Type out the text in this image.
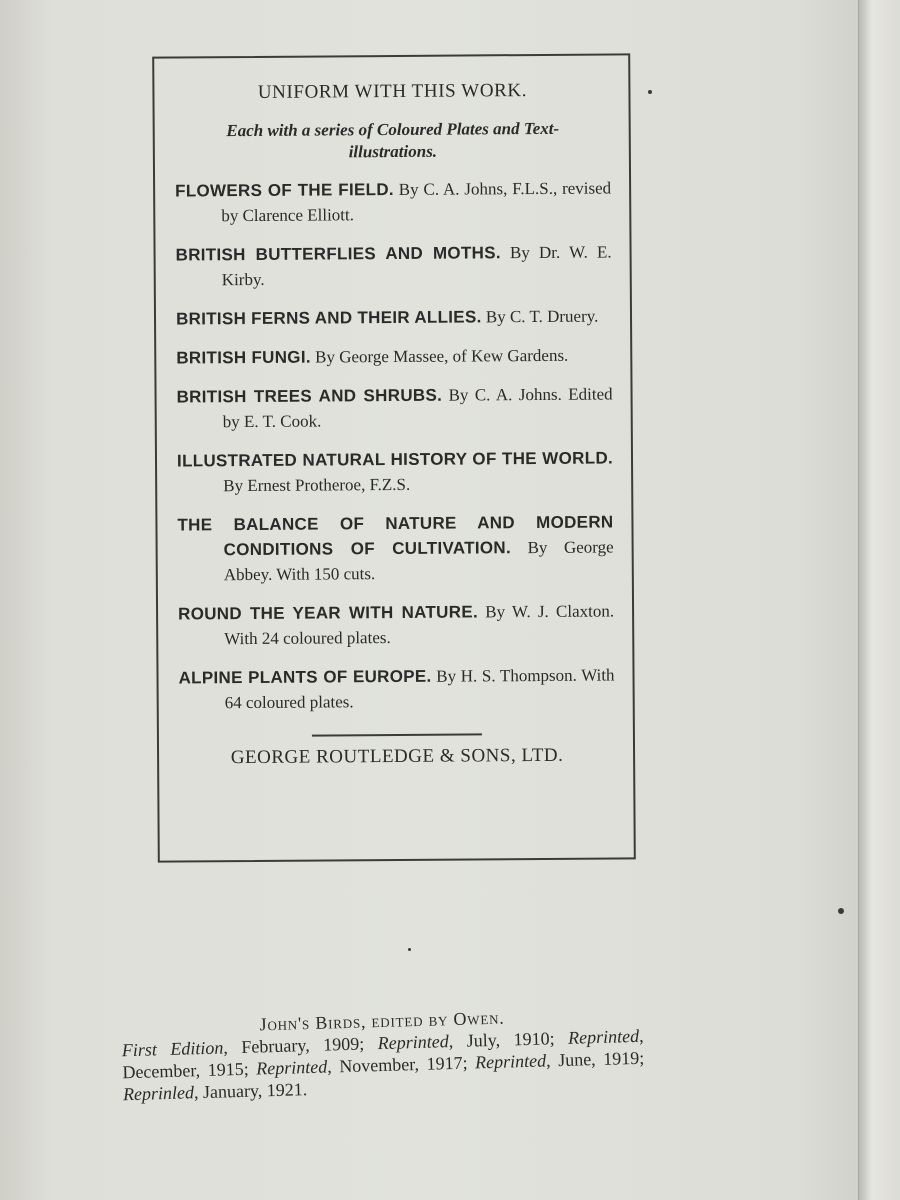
UNIFORM WITH THIS WORK.
Each with a series of Coloured Plates and Text-illustrations.
FLOWERS OF THE FIELD. By C. A. Johns, F.L.S., revised by Clarence Elliott.
BRITISH BUTTERFLIES AND MOTHS. By Dr. W. E. Kirby.
BRITISH FERNS AND THEIR ALLIES. By C. T. Druery.
BRITISH FUNGI. By George Massee, of Kew Gardens.
BRITISH TREES AND SHRUBS. By C. A. Johns. Edited by E. T. Cook.
ILLUSTRATED NATURAL HISTORY OF THE WORLD. By Ernest Protheroe, F.Z.S.
THE BALANCE OF NATURE AND MODERN CONDITIONS OF CULTIVATION. By George Abbey. With 150 cuts.
ROUND THE YEAR WITH NATURE. By W. J. Claxton. With 24 coloured plates.
ALPINE PLANTS OF EUROPE. By H. S. Thompson. With 64 coloured plates.
GEORGE ROUTLEDGE & SONS, LTD.
John's Birds, edited by Owen.
First Edition, February, 1909; Reprinted, July, 1910; Reprinted, December, 1915; Reprinted, November, 1917; Reprinted, June, 1919; Reprinled, January, 1921.
